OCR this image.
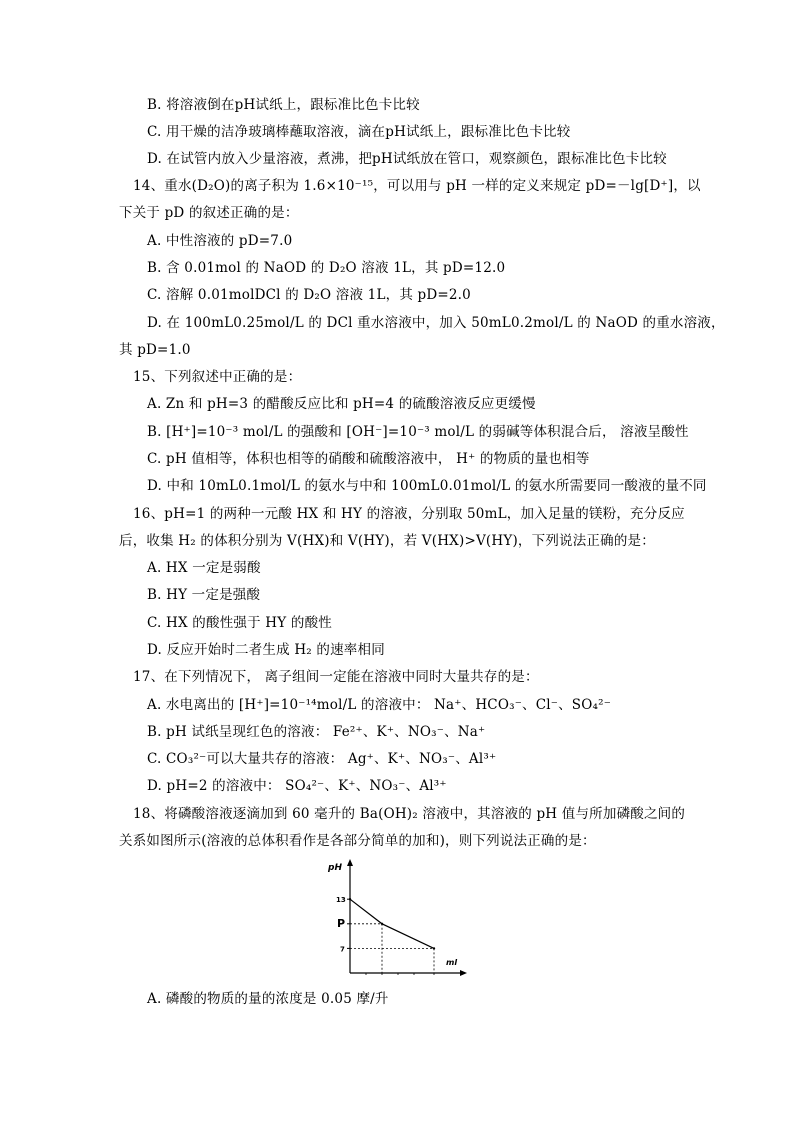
B. 将溶液倒在pH试纸上，跟标准比色卡比较
C. 用干燥的洁净玻璃棒蘸取溶液，滴在pH试纸上，跟标准比色卡比较
D. 在试管内放入少量溶液，煮沸，把pH试纸放在管口，观察颜色，跟标准比色卡比较
14、重水(D₂O)的离子积为 1.6×10⁻¹⁵，可以用与 pH 一样的定义来规定 pD=－lg[D⁺]，以
下关于 pD 的叙述正确的是：
A. 中性溶液的 pD=7.0
B. 含 0.01mol 的 NaOD 的 D₂O 溶液 1L，其 pD=12.0
C. 溶解 0.01molDCl 的 D₂O 溶液 1L，其 pD=2.0
D. 在 100mL0.25mol/L 的 DCl 重水溶液中，加入 50mL0.2mol/L 的 NaOD 的重水溶液，
其 pD=1.0
15、下列叙述中正确的是：
A. Zn 和 pH=3 的醋酸反应比和 pH=4 的硫酸溶液反应更缓慢
B. [H⁺]=10⁻³ mol/L 的强酸和 [OH⁻]=10⁻³ mol/L 的弱碱等体积混合后， 溶液呈酸性
C. pH 值相等，体积也相等的硝酸和硫酸溶液中， H⁺ 的物质的量也相等
D. 中和 10mL0.1mol/L 的氨水与中和 100mL0.01mol/L 的氨水所需要同一酸液的量不同
16、pH=1 的两种一元酸 HX 和 HY 的溶液，分别取 50mL，加入足量的镁粉，充分反应
后，收集 H₂ 的体积分别为 V(HX)和 V(HY)，若 V(HX)>V(HY)，下列说法正确的是：
A. HX 一定是弱酸
B. HY 一定是强酸
C. HX 的酸性强于 HY 的酸性
D. 反应开始时二者生成 H₂ 的速率相同
17、在下列情况下， 离子组间一定能在溶液中同时大量共存的是：
A. 水电离出的 [H⁺]=10⁻¹⁴mol/L 的溶液中： Na⁺、HCO₃⁻、Cl⁻、SO₄²⁻
B. pH 试纸呈现红色的溶液： Fe²⁺、K⁺、NO₃⁻、Na⁺
C. CO₃²⁻可以大量共存的溶液： Ag⁺、K⁺、NO₃⁻、Al³⁺
D. pH=2 的溶液中： SO₄²⁻、K⁺、NO₃⁻、Al³⁺
18、将磷酸溶液逐滴加到 60 毫升的 Ba(OH)₂ 溶液中，其溶液的 pH 值与所加磷酸之间的
关系如图所示(溶液的总体积看作是各部分简单的加和)，则下列说法正确的是：
pH
ml
13
P
7
A. 磷酸的物质的量的浓度是 0.05 摩/升
